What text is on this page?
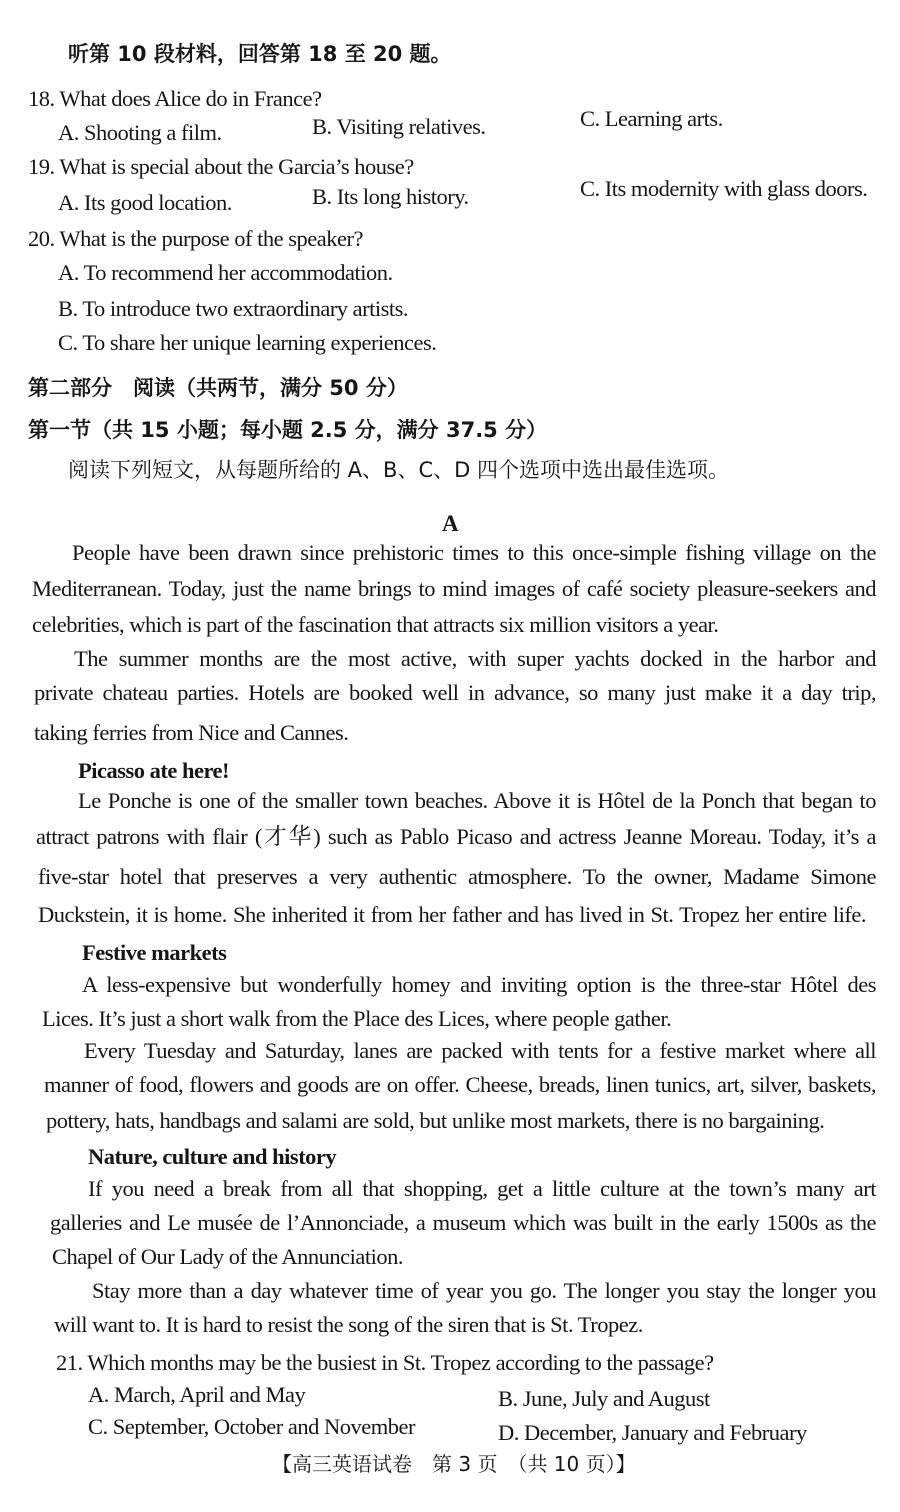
听第 10 段材料，回答第 18 至 20 题。
18. What does Alice do in France?
A. Shooting a film.	B. Visiting relatives.	C. Learning arts.
19. What is special about the Garcia’s house?
A. Its good location.	B. Its long history.	C. Its modernity with glass doors.
20. What is the purpose of the speaker?
A. To recommend her accommodation.
B. To introduce two extraordinary artists.
C. To share her unique learning experiences.
第二部分　阅读（共两节，满分 50 分）
第一节（共 15 小题；每小题 2.5 分，满分 37.5 分）
阅读下列短文，从每题所给的 A、B、C、D 四个选项中选出最佳选项。
A
People have been drawn since prehistoric times to this once-simple fishing village on the
Mediterranean. Today, just the name brings to mind images of café society pleasure-seekers and
celebrities, which is part of the fascination that attracts six million visitors a year.
The summer months are the most active, with super yachts docked in the harbor and
private chateau parties. Hotels are booked well in advance, so many just make it a day trip,
taking ferries from Nice and Cannes.
Picasso ate here!
Le Ponche is one of the smaller town beaches. Above it is Hôtel de la Ponch that began to
attract patrons with flair (才华) such as Pablo Picaso and actress Jeanne Moreau. Today, it’s a
five-star hotel that preserves a very authentic atmosphere. To the owner, Madame Simone
Duckstein, it is home. She inherited it from her father and has lived in St. Tropez her entire life.
Festive markets
A less-expensive but wonderfully homey and inviting option is the three-star Hôtel des
Lices. It’s just a short walk from the Place des Lices, where people gather.
Every Tuesday and Saturday, lanes are packed with tents for a festive market where all
manner of food, flowers and goods are on offer. Cheese, breads, linen tunics, art, silver, baskets,
pottery, hats, handbags and salami are sold, but unlike most markets, there is no bargaining.
Nature, culture and history
If you need a break from all that shopping, get a little culture at the town’s many art
galleries and Le musée de l’Annonciade, a museum which was built in the early 1500s as the
Chapel of Our Lady of the Annunciation.
Stay more than a day whatever time of year you go. The longer you stay the longer you
will want to. It is hard to resist the song of the siren that is St. Tropez.
21. Which months may be the busiest in St. Tropez according to the passage?
A. March, April and May	B. June, July and August
C. September, October and November	D. December, January and February
【高三英语试卷　第 3 页　（共 10 页）】
